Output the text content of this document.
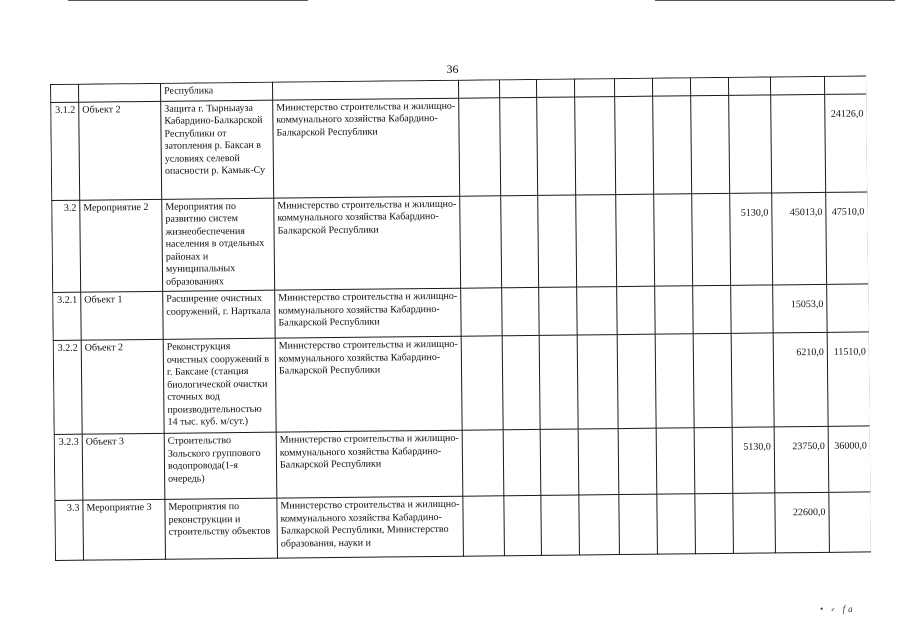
36
		Республика											
3.1.2	Объект 2	Защита г. Тырныауза Кабардино-Балкарской Республики от затопления р. Баксан в условиях селевой опасности р. Камык-Су	Министерство строительства и жилищно-коммунального хозяйства Кабардино-Балкарской Республики										24126,0
3.2	Мероприятие 2	Мероприятия по развитию систем жизнеобеспечения населения в отдельных районах и муниципальных образованиях	Министерство строительства и жилищно-коммунального хозяйства Кабардино-Балкарской Республики								5130,0	45013,0	47510,0
3.2.1	Объект 1	Расширение очистных сооружений, г. Нарткала	Министерство строительства и жилищно-коммунального хозяйства Кабардино-Балкарской Республики									15053,0	
3.2.2	Объект 2	Реконструкция очистных сооружений в г. Баксане (станция биологической очистки сточных вод производительностью 14 тыс. куб. м/сут.)	Министерство строительства и жилищно-коммунального хозяйства Кабардино-Балкарской Республики									6210,0	11510,0
3.2.3	Объект 3	Строительство Зольского группового водопровода(1-я очередь)	Министерство строительства и жилищно-коммунального хозяйства Кабардино-Балкарской Республики								5130,0	23750,0	36000,0
3.3	Мероприятие 3	Мероприятия по реконструкции и строительству объектов	Министерство строительства и жилищно-коммунального хозяйства Кабардино-Балкарской Республики, Министерство образования, науки и									22600,0	
• ⸗ fa
